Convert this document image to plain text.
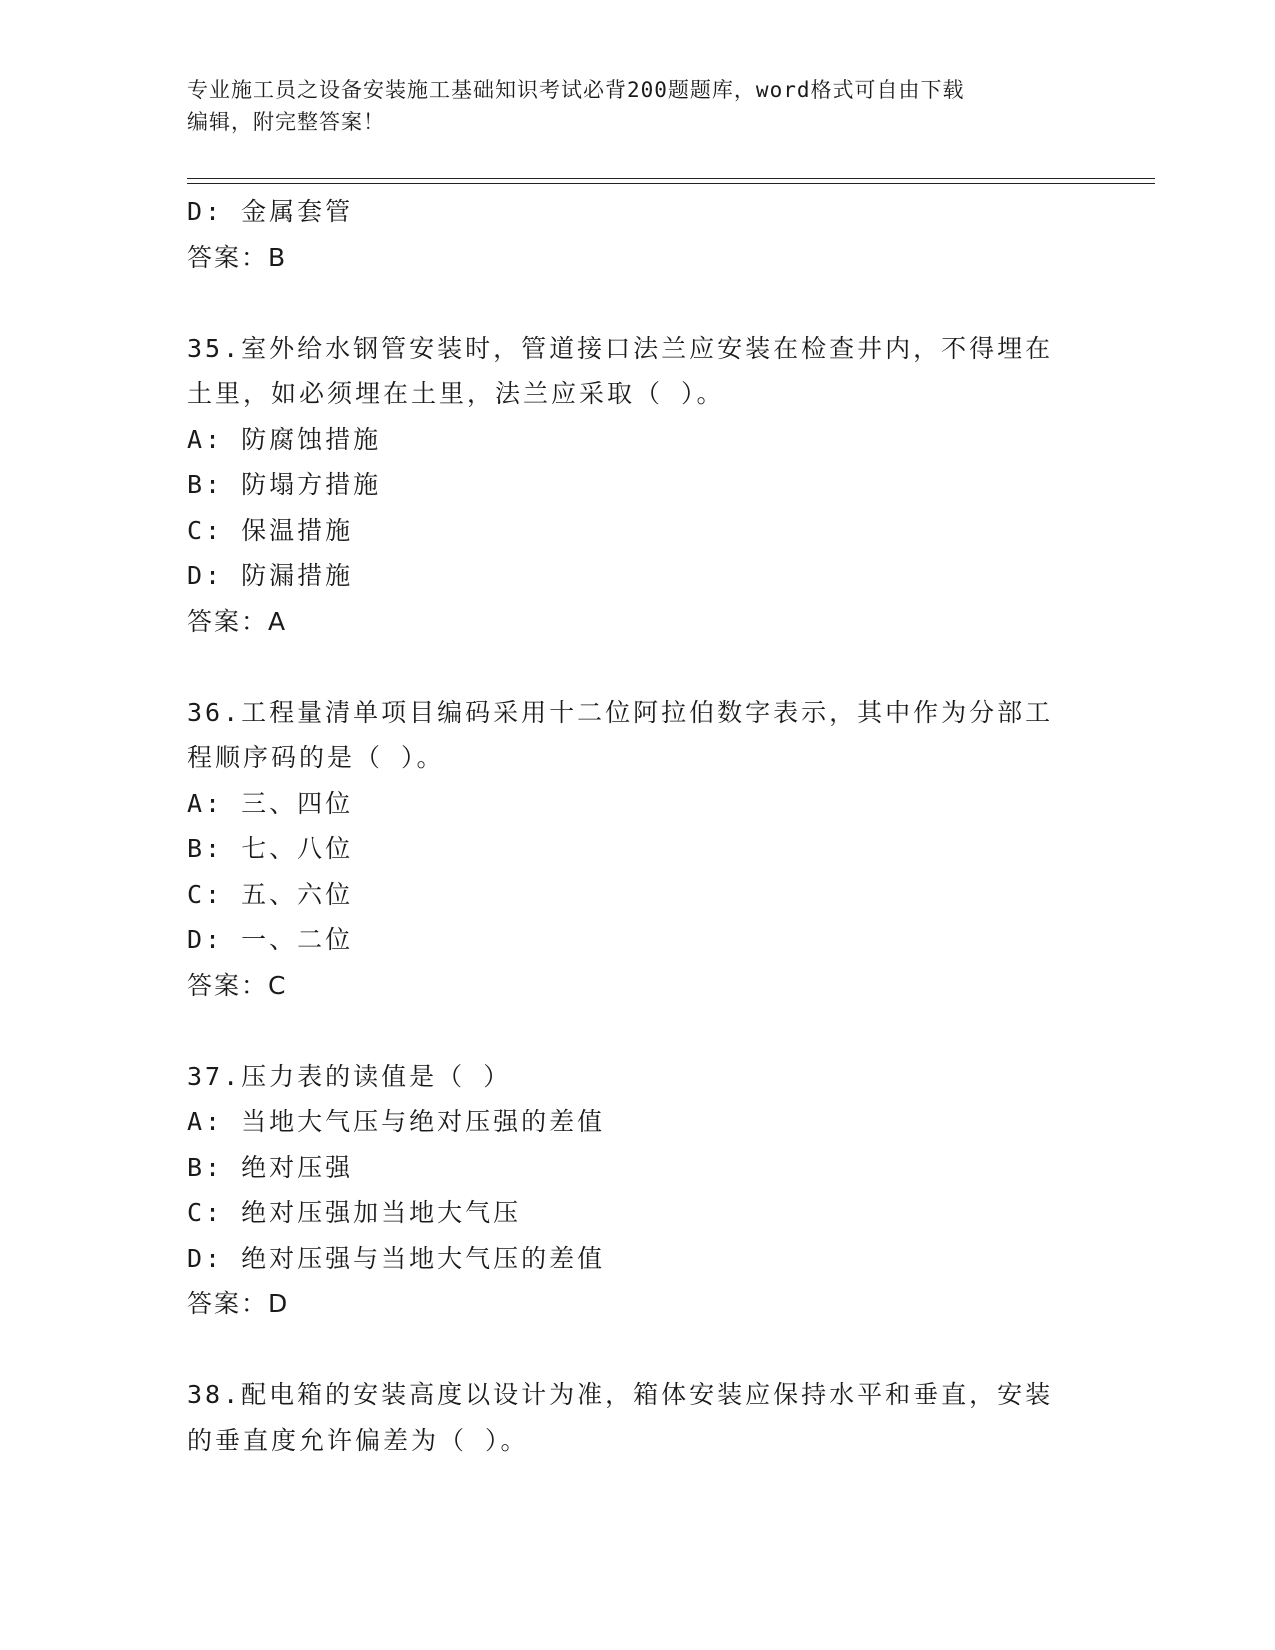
专业施工员之设备安装施工基础知识考试必背200题题库，word格式可自由下载
编辑，附完整答案！
D: 金属套管
答案：B
35.室外给水钢管安装时，管道接口法兰应安装在检查井内，不得埋在
土里，如必须埋在土里，法兰应采取（ ）。
A: 防腐蚀措施
B: 防塌方措施
C: 保温措施
D: 防漏措施
答案：A
36.工程量清单项目编码采用十二位阿拉伯数字表示，其中作为分部工
程顺序码的是（ ）。
A: 三、四位
B: 七、八位
C: 五、六位
D: 一、二位
答案：C
37.压力表的读值是（ ）
A: 当地大气压与绝对压强的差值
B: 绝对压强
C: 绝对压强加当地大气压
D: 绝对压强与当地大气压的差值
答案：D
38.配电箱的安装高度以设计为准，箱体安装应保持水平和垂直，安装
的垂直度允许偏差为（ ）。
